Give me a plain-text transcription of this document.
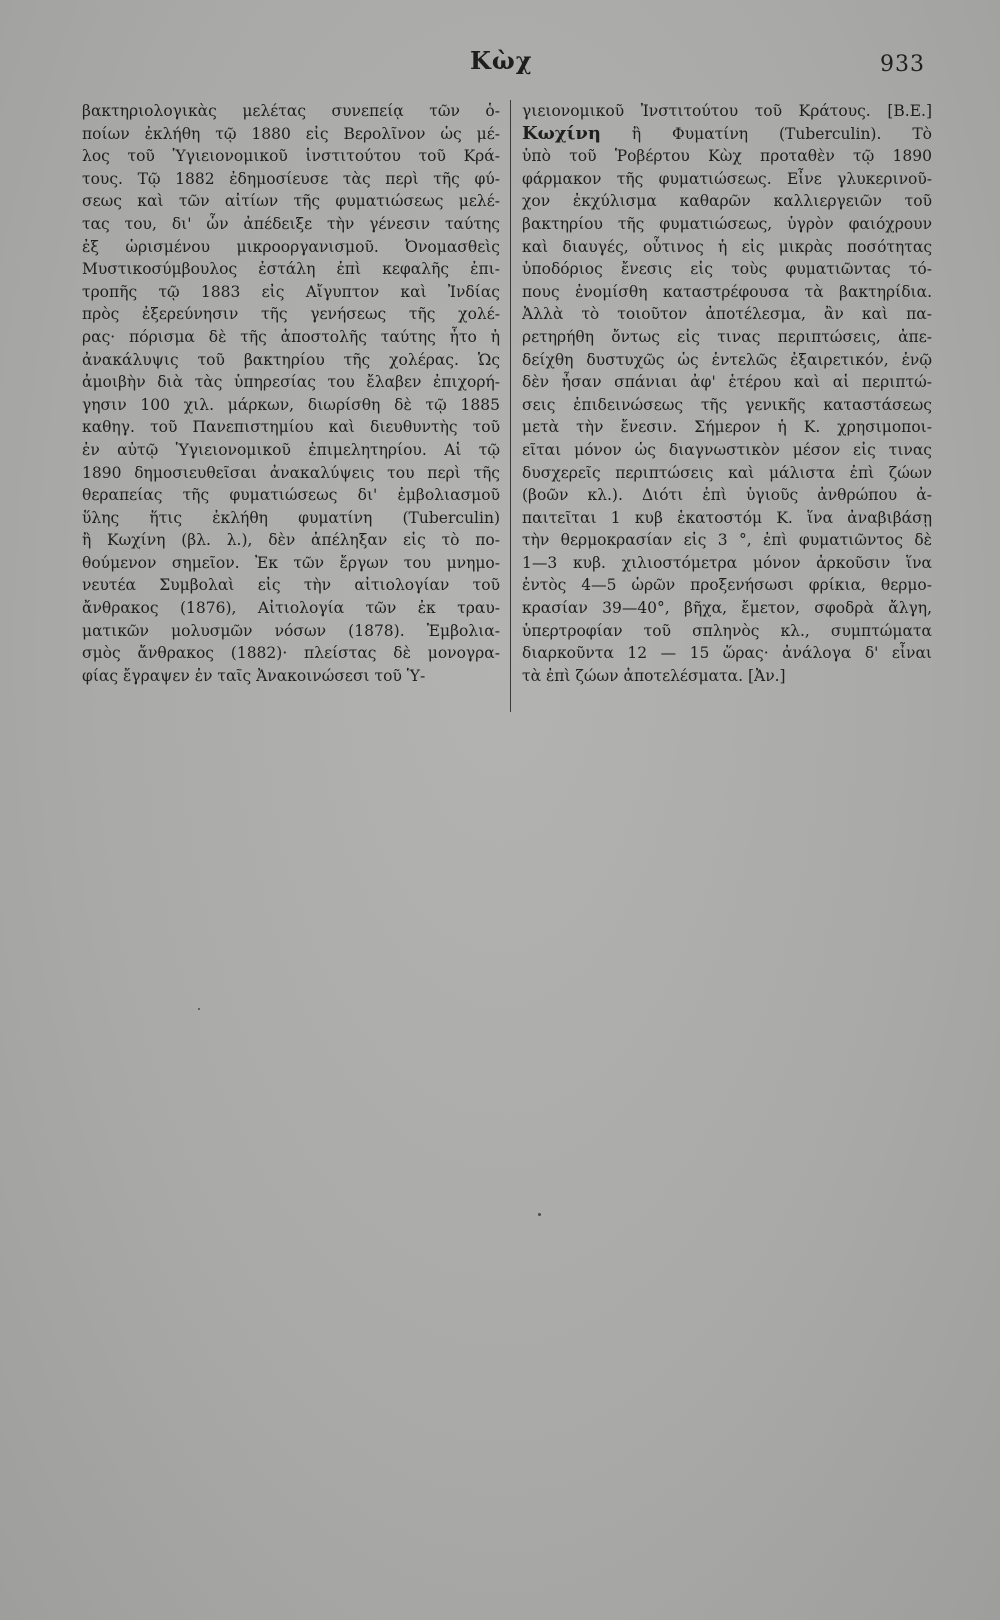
Κὼχ	933
βακτηριολογικὰς μελέτας συνεπείᾳ τῶν ὁ-
ποίων ἐκλήθη τῷ 1880 εἰς Βερολῖνον ὡς μέ-
λος τοῦ Ὑγιειονομικοῦ ἰνστιτούτου τοῦ Κρά-
τους. Τῷ 1882 ἐδημοσίευσε τὰς περὶ τῆς φύ-
σεως καὶ τῶν αἰτίων τῆς φυματιώσεως μελέ-
τας του, δι' ὧν ἀπέδειξε τὴν γένεσιν ταύτης
ἐξ ὡρισμένου μικροοργανισμοῦ. Ὀνομασθεὶς
Μυστικοσύμβουλος ἐστάλη ἐπὶ κεφαλῆς ἐπι-
τροπῆς τῷ 1883 εἰς Αἴγυπτον καὶ Ἰνδίας
πρὸς ἐξερεύνησιν τῆς γενήσεως τῆς χολέ-
ρας· πόρισμα δὲ τῆς ἀποστολῆς ταύτης ἦτο ἡ
ἀνακάλυψις τοῦ βακτηρίου τῆς χολέρας. Ὡς
ἀμοιβὴν διὰ τὰς ὑπηρεσίας του ἔλαβεν ἐπιχορή-
γησιν 100 χιλ. μάρκων, διωρίσθη δὲ τῷ 1885
καθηγ. τοῦ Πανεπιστημίου καὶ διευθυντὴς τοῦ
ἐν αὐτῷ Ὑγιειονομικοῦ ἐπιμελητηρίου. Αἱ τῷ
1890 δημοσιευθεῖσαι ἀνακαλύψεις του περὶ τῆς
θεραπείας τῆς φυματιώσεως δι' ἐμβολιασμοῦ
ὕλης ἥτις ἐκλήθη φυματίνη (Tuberculin)
ἢ Κωχίνη (βλ. λ.), δὲν ἀπέληξαν εἰς τὸ πο-
θούμενον σημεῖον. Ἐκ τῶν ἔργων του μνημο-
νευτέα Συμβολαὶ εἰς τὴν αἰτιολογίαν τοῦ
ἄνθρακος (1876), Αἰτιολογία τῶν ἐκ τραυ-
ματικῶν μολυσμῶν νόσων (1878). Ἐμβολια-
σμὸς ἄνθρακος (1882)· πλείστας δὲ μονογρα-
φίας ἔγραψεν ἐν ταῖς Ἀνακοινώσεσι τοῦ Ὑ-
γιειονομικοῦ Ἰνστιτούτου τοῦ Κράτους. [Β.Ε.]
Κωχίνη ἢ Φυματίνη (Tuberculin). Τὸ
ὑπὸ τοῦ Ῥοβέρτου Κὼχ προταθὲν τῷ 1890
φάρμακον τῆς φυματιώσεως. Εἶνε γλυκερινοῦ-
χον ἐκχύλισμα καθαρῶν καλλιεργειῶν τοῦ
βακτηρίου τῆς φυματιώσεως, ὑγρὸν φαιόχρουν
καὶ διαυγές, οὗτινος ἡ εἰς μικρὰς ποσότητας
ὑποδόριος ἔνεσις εἰς τοὺς φυματιῶντας τό-
πους ἐνομίσθη καταστρέφουσα τὰ βακτηρίδια.
Ἀλλὰ τὸ τοιοῦτον ἀποτέλεσμα, ἂν καὶ πα-
ρετηρήθη ὄντως εἰς τινας περιπτώσεις, ἀπε-
δείχθη δυστυχῶς ὡς ἐντελῶς ἐξαιρετικόν, ἐνῷ
δὲν ἦσαν σπάνιαι ἀφ' ἑτέρου καὶ αἱ περιπτώ-
σεις ἐπιδεινώσεως τῆς γενικῆς καταστάσεως
μετὰ τὴν ἔνεσιν. Σήμερον ἡ Κ. χρησιμοποι-
εῖται μόνον ὡς διαγνωστικὸν μέσον εἰς τινας
δυσχερεῖς περιπτώσεις καὶ μάλιστα ἐπὶ ζώων
(βοῶν κλ.). Διότι ἐπὶ ὑγιοῦς ἀνθρώπου ἀ-
παιτεῖται 1 κυβ ἑκατοστόμ Κ. ἵνα ἀναβιβάσῃ
τὴν θερμοκρασίαν εἰς 3 °, ἐπὶ φυματιῶντος δὲ
1—3 κυβ. χιλιοστόμετρα μόνον ἀρκοῦσιν ἵνα
ἐντὸς 4—5 ὡρῶν προξενήσωσι φρίκια, θερμο-
κρασίαν 39—40°, βῆχα, ἔμετον, σφοδρὰ ἄλγη,
ὑπερτροφίαν τοῦ σπληνὸς κλ., συμπτώματα
διαρκοῦντα 12 — 15 ὥρας· ἀνάλογα δ' εἶναι
τὰ ἐπὶ ζώων ἀποτελέσματα. [Ἀν.]
